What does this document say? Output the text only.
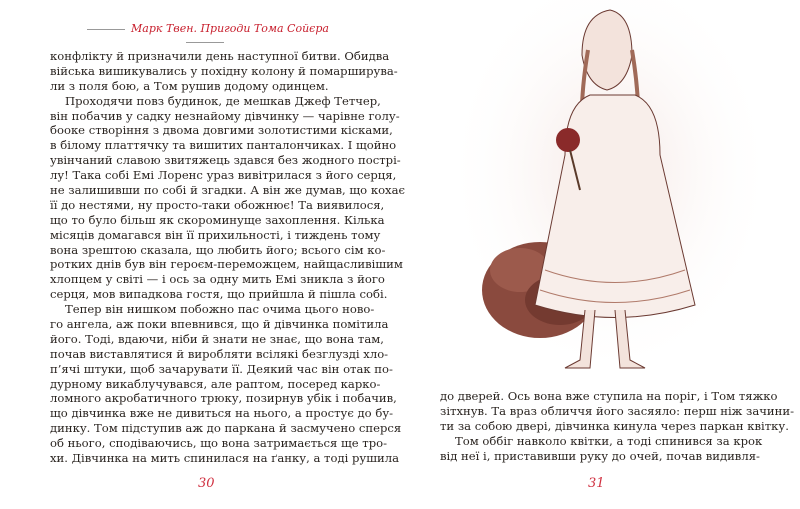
Марк Твен. Пригоди Тома Сойєра
конфлікту й призначили день наступної битви. Обидва
війська вишикувались у похідну колону й помарширува-
ли з поля бою, а Том рушив додому одинцем.
Проходячи повз будинок, де мешкав Джеф Тетчер,
він побачив у садку незнайому дівчинку — чарівне голу-
бооке створіння з двома довгими золотистими кісками,
в білому платтячку та вишитих панталончиках. І щойно
увінчаний славою звитяжець здався без жодного пострі-
лу! Така собі Емі Лоренс ураз вивітрилася з його серця,
не залишивши по собі й згадки. А він же думав, що кохає
її до нестями, ну просто-таки обожнює! Та виявилося,
що то було більш як скороминуще захоплення. Кілька
місяців домагався він її прихильності, і тиждень тому
вона зрештою сказала, що любить його; всього сім ко-
ротких днів був він героєм-переможцем, найщасливішим
хлопцем у світі — і ось за одну мить Емі зникла з його
серця, мов випадкова гостя, що прийшла й пішла собі.
Тепер він нишком побожно пас очима цього ново-
го ангела, аж поки впевнився, що й дівчинка помітила
його. Тоді, вдаючи, ніби й знати не знає, що вона там,
почав виставлятися й виробляти всілякі безглузді хло-
п’ячі штуки, щоб зачарувати її. Деякий час він отак по-
дурному викаблучувався, але раптом, посеред карко-
ломного акробатичного трюку, позирнув убік і побачив,
що дівчинка вже не дивиться на нього, а простує до бу-
динку. Том підступив аж до паркана й засмучено сперся
об нього, сподіваючись, що вона затримається ще тро-
хи. Дівчинка на мить спинилася на ґанку, а тоді рушила
30
до дверей. Ось вона вже ступила на поріг, і Том тяжко
зітхнув. Та враз обличчя його засяяло: перш ніж зачини-
ти за собою двері, дівчинка кинула через паркан квітку.
Том оббіг навколо квітки, а тоді спинився за крок
від неї і, приставивши руку до очей, почав видивля-
31
